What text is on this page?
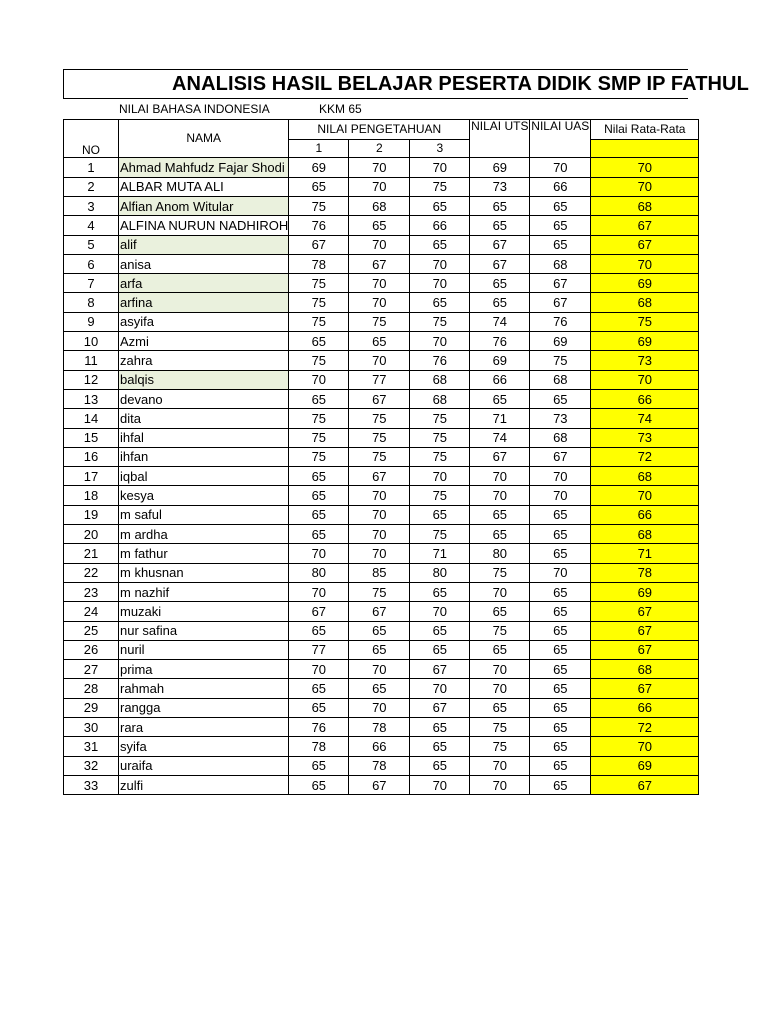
ANALISIS HASIL BELAJAR PESERTA DIDIK SMP IP FATHUL
NILAI BAHASA INDONESIA	KKM 65
NO	NAMA	NILAI PENGETAHUAN			NILAI UTS	NILAI UAS	Nilai Rata-Rata
		1	2	3			
1	Ahmad Mahfudz Fajar Shodi	69	70	70	69	70	70
2	ALBAR MUTA ALI	65	70	75	73	66	70
3	Alfian Anom Witular	75	68	65	65	65	68
4	ALFINA NURUN NADHIROH	76	65	66	65	65	67
5	alif	67	70	65	67	65	67
6	anisa	78	67	70	67	68	70
7	arfa	75	70	70	65	67	69
8	arfina	75	70	65	65	67	68
9	asyifa	75	75	75	74	76	75
10	Azmi	65	65	70	76	69	69
11	zahra	75	70	76	69	75	73
12	balqis	70	77	68	66	68	70
13	devano	65	67	68	65	65	66
14	dita	75	75	75	71	73	74
15	ihfal	75	75	75	74	68	73
16	ihfan	75	75	75	67	67	72
17	iqbal	65	67	70	70	70	68
18	kesya	65	70	75	70	70	70
19	m saful	65	70	65	65	65	66
20	m ardha	65	70	75	65	65	68
21	m fathur	70	70	71	80	65	71
22	m khusnan	80	85	80	75	70	78
23	m nazhif	70	75	65	70	65	69
24	muzaki	67	67	70	65	65	67
25	nur safina	65	65	65	75	65	67
26	nuril	77	65	65	65	65	67
27	prima	70	70	67	70	65	68
28	rahmah	65	65	70	70	65	67
29	rangga	65	70	67	65	65	66
30	rara	76	78	65	75	65	72
31	syifa	78	66	65	75	65	70
32	uraifa	65	78	65	70	65	69
33	zulfi	65	67	70	70	65	67
